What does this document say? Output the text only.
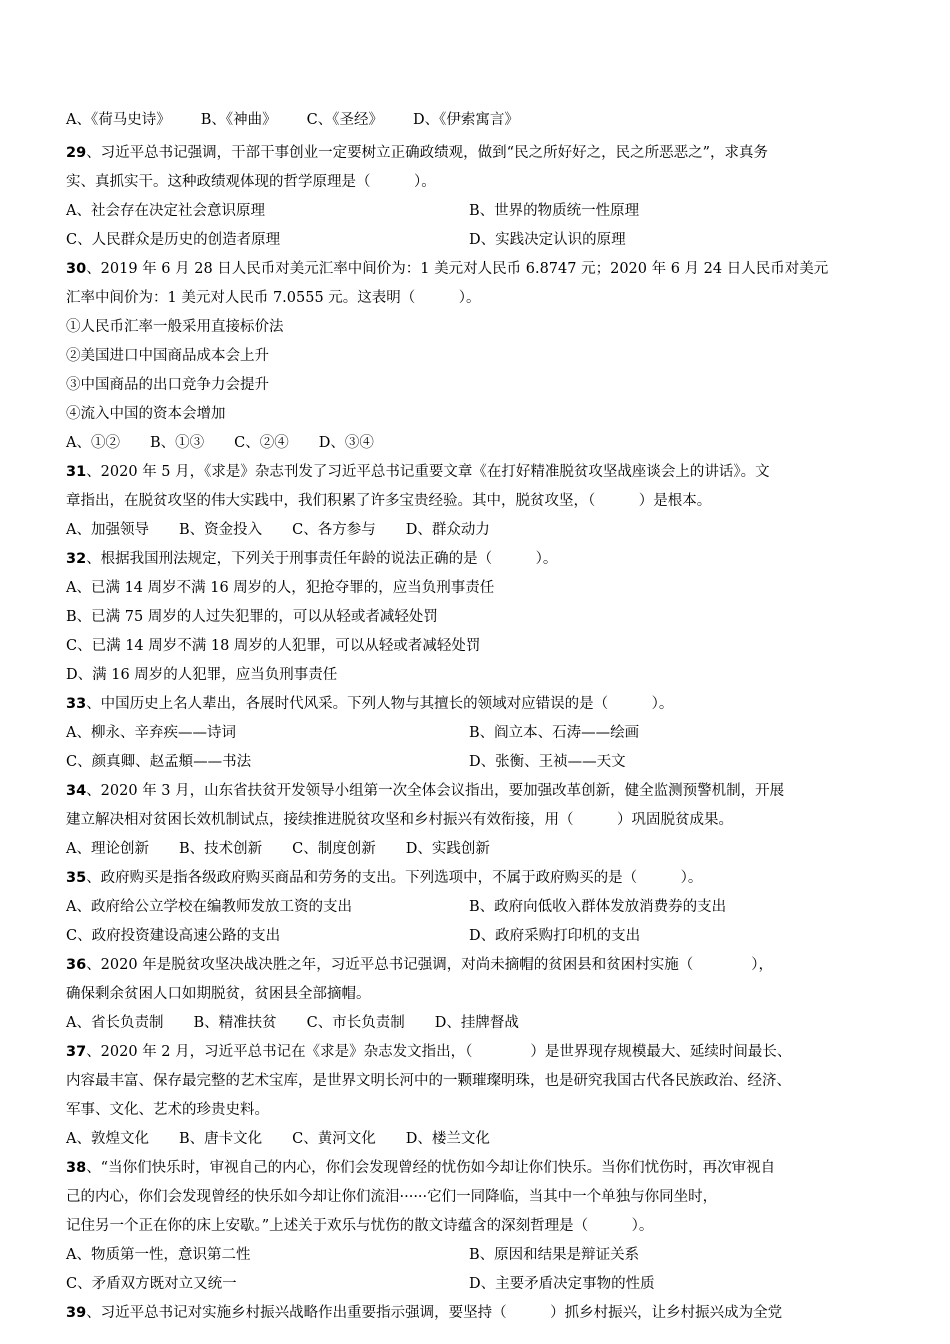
A、《荷马史诗》 B、《神曲》 C、《圣经》 D、《伊索寓言》
29、习近平总书记强调，干部干事创业一定要树立正确政绩观，做到“民之所好好之，民之所恶恶之”，求真务
实、真抓实干。这种政绩观体现的哲学原理是（　　　）。
A、社会存在决定社会意识原理	B、世界的物质统一性原理
C、人民群众是历史的创造者原理	D、实践决定认识的原理
30、2019 年 6 月 28 日人民币对美元汇率中间价为：1 美元对人民币 6.8747 元；2020 年 6 月 24 日人民币对美元
汇率中间价为：1 美元对人民币 7.0555 元。这表明（　　　）。
①人民币汇率一般采用直接标价法
②美国进口中国商品成本会上升
③中国商品的出口竞争力会提升
④流入中国的资本会增加
A、①② B、①③ C、②④ D、③④
31、2020 年 5 月，《求是》杂志刊发了习近平总书记重要文章《在打好精准脱贫攻坚战座谈会上的讲话》。文
章指出，在脱贫攻坚的伟大实践中，我们积累了许多宝贵经验。其中，脱贫攻坚，（　　　）是根本。
A、加强领导 B、资金投入 C、各方参与 D、群众动力
32、根据我国刑法规定，下列关于刑事责任年龄的说法正确的是（　　　）。
A、已满 14 周岁不满 16 周岁的人，犯抢夺罪的，应当负刑事责任
B、已满 75 周岁的人过失犯罪的，可以从轻或者减轻处罚
C、已满 14 周岁不满 18 周岁的人犯罪，可以从轻或者减轻处罚
D、满 16 周岁的人犯罪，应当负刑事责任
33、中国历史上名人辈出，各展时代风采。下列人物与其擅长的领域对应错误的是（　　　）。
A、柳永、辛弃疾——诗词	B、阎立本、石涛——绘画
C、颜真卿、赵孟頫——书法	D、张衡、王祯——天文
34、2020 年 3 月，山东省扶贫开发领导小组第一次全体会议指出，要加强改革创新，健全监测预警机制，开展
建立解决相对贫困长效机制试点，接续推进脱贫攻坚和乡村振兴有效衔接，用（　　　）巩固脱贫成果。
A、理论创新 B、技术创新 C、制度创新 D、实践创新
35、政府购买是指各级政府购买商品和劳务的支出。下列选项中，不属于政府购买的是（　　　）。
A、政府给公立学校在编教师发放工资的支出	B、政府向低收入群体发放消费券的支出
C、政府投资建设高速公路的支出	D、政府采购打印机的支出
36、2020 年是脱贫攻坚决战决胜之年，习近平总书记强调，对尚未摘帽的贫困县和贫困村实施（　　　　），
确保剩余贫困人口如期脱贫，贫困县全部摘帽。
A、省长负责制 B、精准扶贫 C、市长负责制 D、挂牌督战
37、2020 年 2 月，习近平总书记在《求是》杂志发文指出，（　　　　）是世界现存规模最大、延续时间最长、
内容最丰富、保存最完整的艺术宝库，是世界文明长河中的一颗璀璨明珠，也是研究我国古代各民族政治、经济、
军事、文化、艺术的珍贵史料。
A、敦煌文化 B、唐卡文化 C、黄河文化 D、楼兰文化
38、“当你们快乐时，审视自己的内心，你们会发现曾经的忧伤如今却让你们快乐。当你们忧伤时，再次审视自
己的内心，你们会发现曾经的快乐如今却让你们流泪······它们一同降临，当其中一个单独与你同坐时，
记住另一个正在你的床上安歇。”上述关于欢乐与忧伤的散文诗蕴含的深刻哲理是（　　　）。
A、物质第一性，意识第二性	B、原因和结果是辩证关系
C、矛盾双方既对立又统一	D、主要矛盾决定事物的性质
39、习近平总书记对实施乡村振兴战略作出重要指示强调，要坚持（　　　）抓乡村振兴，让乡村振兴成为全党
